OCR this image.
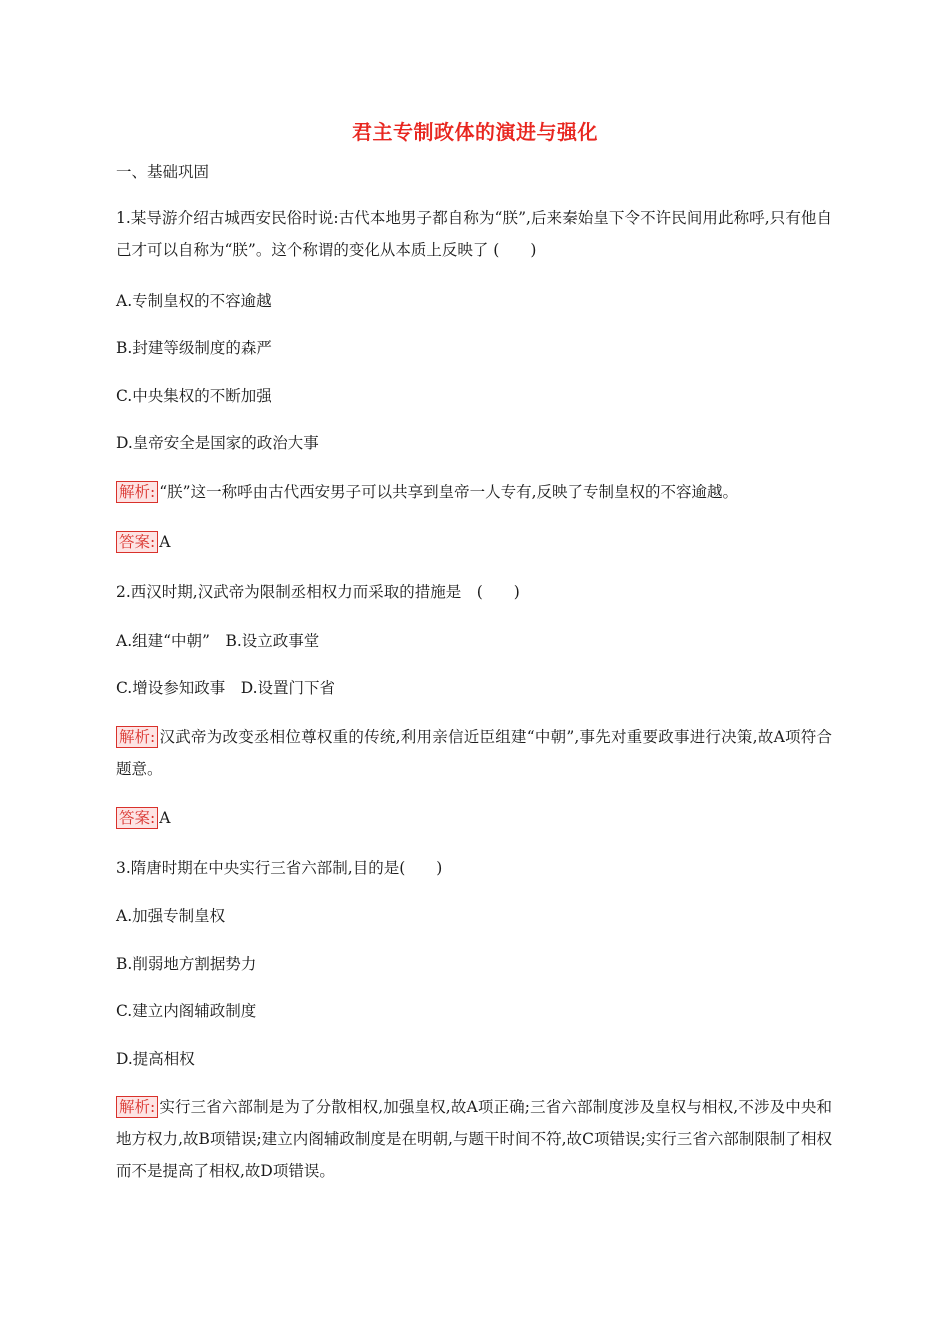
君主专制政体的演进与强化
一、基础巩固
1.某导游介绍古城西安民俗时说:古代本地男子都自称为“朕”,后来秦始皇下令不许民间用此称呼,只有他自己才可以自称为“朕”。这个称谓的变化从本质上反映了 (　　)
A.专制皇权的不容逾越
B.封建等级制度的森严
C.中央集权的不断加强
D.皇帝安全是国家的政治大事
解析: “朕”这一称呼由古代西安男子可以共享到皇帝一人专有,反映了专制皇权的不容逾越。
答案: A
2.西汉时期,汉武帝为限制丞相权力而采取的措施是　(　　)
A.组建“中朝”　B.设立政事堂
C.增设参知政事　D.设置门下省
解析: 汉武帝为改变丞相位尊权重的传统,利用亲信近臣组建“中朝”,事先对重要政事进行决策,故A项符合题意。
答案: A
3.隋唐时期在中央实行三省六部制,目的是(　　)
A.加强专制皇权
B.削弱地方割据势力
C.建立内阁辅政制度
D.提高相权
解析: 实行三省六部制是为了分散相权,加强皇权,故A项正确;三省六部制度涉及皇权与相权,不涉及中央和地方权力,故B项错误;建立内阁辅政制度是在明朝,与题干时间不符,故C项错误;实行三省六部制限制了相权而不是提高了相权,故D项错误。
